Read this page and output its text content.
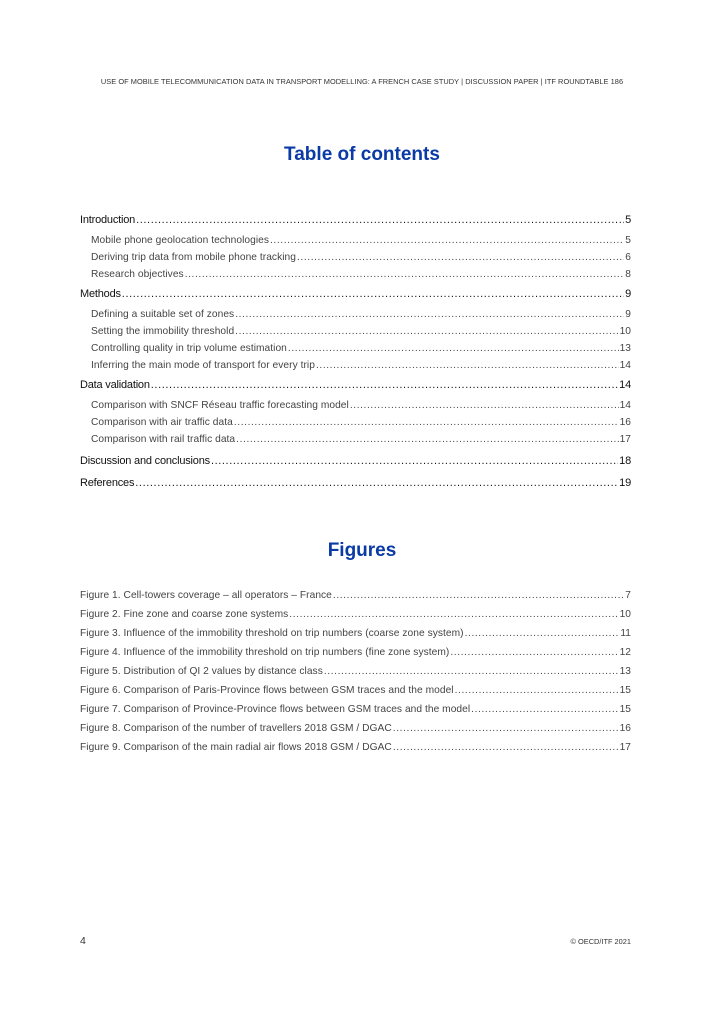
USE OF MOBILE TELECOMMUNICATION DATA IN TRANSPORT MODELLING: A FRENCH CASE STUDY | DISCUSSION PAPER | ITF ROUNDTABLE 186
Table of contents
Introduction .....	5
Mobile phone geolocation technologies .....	5
Deriving trip data from mobile phone tracking .....	6
Research objectives .....	8
Methods .....	9
Defining a suitable set of zones .....	9
Setting the immobility threshold .....	10
Controlling quality in trip volume estimation .....	13
Inferring the main mode of transport for every trip .....	14
Data validation .....	14
Comparison with SNCF Réseau traffic forecasting model .....	14
Comparison with air traffic data .....	16
Comparison with rail traffic data .....	17
Discussion and conclusions .....	18
References .....	19
Figures
Figure 1. Cell-towers coverage – all operators – France .....	7
Figure 2. Fine zone and coarse zone systems .....	10
Figure 3. Influence of the immobility threshold on trip numbers (coarse zone system) .....	11
Figure 4. Influence of the immobility threshold on trip numbers (fine zone system) .....	12
Figure 5. Distribution of QI 2 values by distance class .....	13
Figure 6. Comparison of Paris-Province flows between GSM traces and the model .....	15
Figure 7. Comparison of Province-Province flows between GSM traces and the model .....	15
Figure 8. Comparison of the number of travellers 2018 GSM / DGAC .....	16
Figure 9. Comparison of the main radial air flows 2018 GSM / DGAC .....	17
4	© OECD/ITF 2021
